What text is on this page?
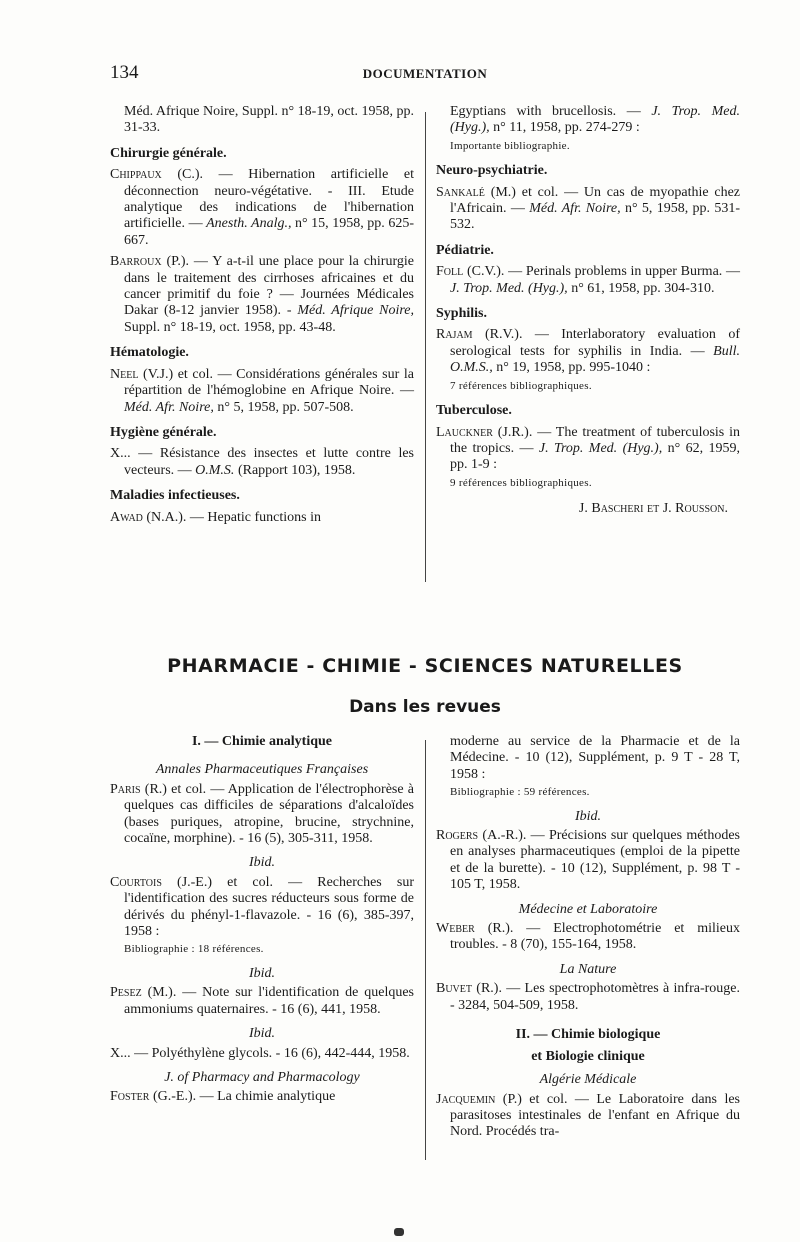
134	DOCUMENTATION

Méd. Afrique Noire, Suppl. n° 18-19, oct. 1958, pp. 31-33.

Chirurgie générale.

Chippaux (C.). — Hibernation artificielle et déconnection neuro-végétative. - III. Etude analytique des indications de l'hibernation artificielle. — Anesth. Analg., n° 15, 1958, pp. 625-667.

Barroux (P.). — Y a-t-il une place pour la chirurgie dans le traitement des cirrhoses africaines et du cancer primitif du foie ? — Journées Médicales Dakar (8-12 janvier 1958). - Méd. Afrique Noire, Suppl. n° 18-19, oct. 1958, pp. 43-48.

Hématologie.

Neel (V.J.) et col. — Considérations générales sur la répartition de l'hémoglobine en Afrique Noire. — Méd. Afr. Noire, n° 5, 1958, pp. 507-508.

Hygiène générale.

X... — Résistance des insectes et lutte contre les vecteurs. — O.M.S. (Rapport 103), 1958.

Maladies infectieuses.

Awad (N.A.). — Hepatic functions in

Egyptians with brucellosis. — J. Trop. Med. (Hyg.), n° 11, 1958, pp. 274-279 :

Importante bibliographie.
Neuro-psychiatrie.

Sankalé (M.) et col. — Un cas de myopathie chez l'Africain. — Méd. Afr. Noire, n° 5, 1958, pp. 531-532.

Pédiatrie.

Foll (C.V.). — Perinals problems in upper Burma. — J. Trop. Med. (Hyg.), n° 61, 1958, pp. 304-310.

Syphilis.

Rajam (R.V.). — Interlaboratory evaluation of serological tests for syphilis in India. — Bull. O.M.S., n° 19, 1958, pp. 995-1040 :

7 références bibliographiques.
Tuberculose.

Lauckner (J.R.). — The treatment of tuberculosis in the tropics. — J. Trop. Med. (Hyg.), n° 62, 1959, pp. 1-9 :

9 références bibliographiques.
J. Bascheri et J. Rousson.
PHARMACIE - CHIMIE - SCIENCES NATURELLES
Dans les revues
I. — Chimie analytique
Annales Pharmaceutiques Françaises

Paris (R.) et col. — Application de l'électrophorèse à quelques cas difficiles de séparations d'alcaloïdes (bases puriques, atropine, brucine, strychnine, cocaïne, morphine). - 16 (5), 305-311, 1958.

Ibid.

Courtois (J.-E.) et col. — Recherches sur l'identification des sucres réducteurs sous forme de dérivés du phényl-1-flavazole. - 16 (6), 385-397, 1958 :

Bibliographie : 18 références.
Ibid.

Pesez (M.). — Note sur l'identification de quelques ammoniums quaternaires. - 16 (6), 441, 1958.

Ibid.

X... — Polyéthylène glycols. - 16 (6), 442-444, 1958.

J. of Pharmacy and Pharmacology

Foster (G.-E.). — La chimie analytique

moderne au service de la Pharmacie et de la Médecine. - 10 (12), Supplément, p. 9 T - 28 T, 1958 :

Bibliographie : 59 références.
Ibid.

Rogers (A.-R.). — Précisions sur quelques méthodes en analyses pharmaceutiques (emploi de la pipette et de la burette). - 10 (12), Supplément, p. 98 T - 105 T, 1958.

Médecine et Laboratoire

Weber (R.). — Electrophotométrie et milieux troubles. - 8 (70), 155-164, 1958.

La Nature

Buvet (R.). — Les spectrophotomètres à infra-rouge. - 3284, 504-509, 1958.

II. — Chimie biologique
et Biologie clinique
Algérie Médicale

Jacquemin (P.) et col. — Le Laboratoire dans les parasitoses intestinales de l'enfant en Afrique du Nord. Procédés tra-
